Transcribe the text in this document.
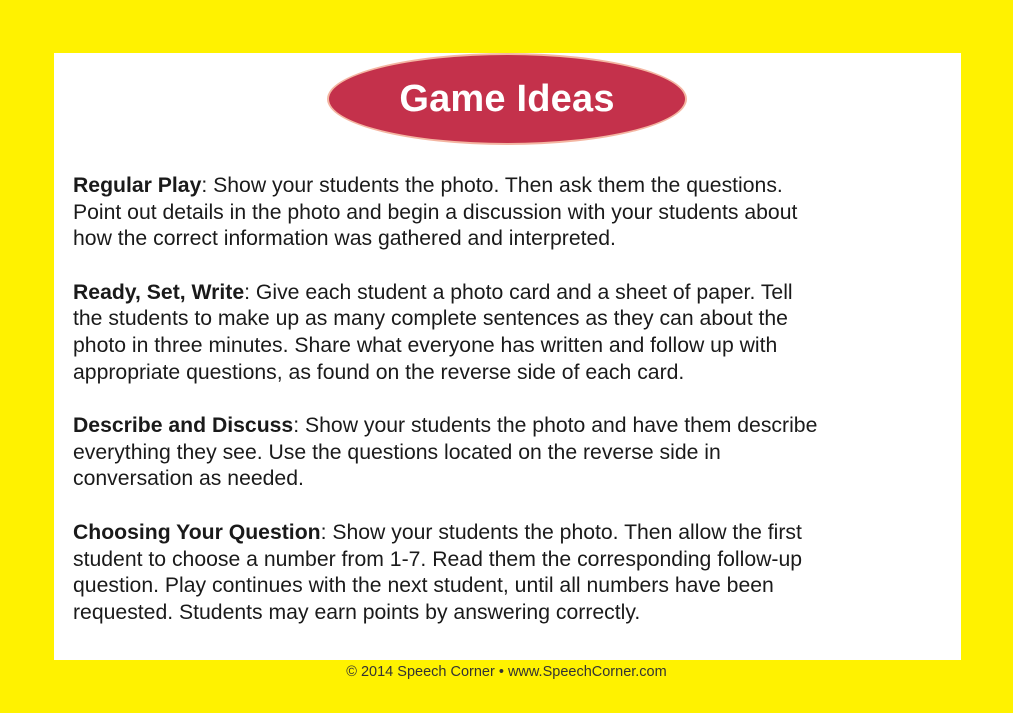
Game Ideas

Regular Play: Show your students the photo. Then ask them the questions.
Point out details in the photo and begin a discussion with your students about
how the correct information was gathered and interpreted.

Ready, Set, Write: Give each student a photo card and a sheet of paper. Tell
the students to make up as many complete sentences as they can about the
photo in three minutes. Share what everyone has written and follow up with
appropriate questions, as found on the reverse side of each card.

Describe and Discuss: Show your students the photo and have them describe
everything they see. Use the questions located on the reverse side in
conversation as needed.

Choosing Your Question: Show your students the photo. Then allow the first
student to choose a number from 1-7. Read them the corresponding follow-up
question. Play continues with the next student, until all numbers have been
requested. Students may earn points by answering correctly.

© 2014 Speech Corner • www.SpeechCorner.com
